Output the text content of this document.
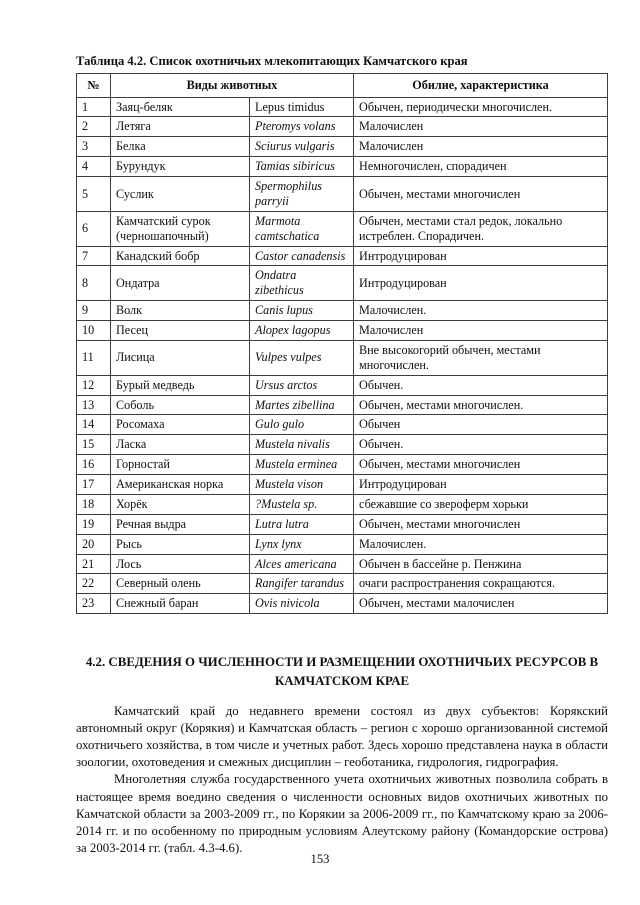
Таблица 4.2. Список охотничьих млекопитающих Камчатского края

№	Виды животных		Обилие, характеристика
1	Заяц-беляк	Lepus timidus	Обычен, периодически многочислен.
2	Летяга	Pteromys volans	Малочислен
3	Белка	Sciurus vulgaris	Малочислен
4	Бурундук	Tamias sibiricus	Немногочислен, спорадичен
5	Суслик	Spermophilus parryii	Обычен, местами многочислен
6	Камчатский сурок (черношапочный)	Marmota camtschatica	Обычен, местами стал редок, локально истреблен. Спорадичен.
7	Канадский бобр	Castor canadensis	Интродуцирован
8	Ондатра	Ondatra zibethicus	Интродуцирован
9	Волк	Canis lupus	Малочислен.
10	Песец	Alopex lagopus	Малочислен
11	Лисица	Vulpes vulpes	Вне высокогорий обычен, местами многочислен.
12	Бурый медведь	Ursus arctos	Обычен.
13	Соболь	Martes zibellina	Обычен, местами многочислен.
14	Росомаха	Gulo gulo	Обычен
15	Ласка	Mustela nivalis	Обычен.
16	Горностай	Mustela erminea	Обычен, местами многочислен
17	Американская норка	Mustela vison	Интродуцирован
18	Хорёк	?Mustela sp.	сбежавшие со звероферм хорьки
19	Речная выдра	Lutra lutra	Обычен, местами многочислен
20	Рысь	Lynx lynx	Малочислен.
21	Лось	Alces americana	Обычен в бассейне р. Пенжина
22	Северный олень	Rangifer tarandus	очаги распространения сокращаются.
23	Снежный баран	Ovis nivicola	Обычен, местами малочислен
4.2. СВЕДЕНИЯ О ЧИСЛЕННОСТИ И РАЗМЕЩЕНИИ ОХОТНИЧЬИХ РЕСУРСОВ В КАМЧАТСКОМ КРАЕ

Камчатский край до недавнего времени состоял из двух субъектов: Корякский автономный округ (Корякия) и Камчатская область – регион с хорошо организованной системой охотничьего хозяйства, в том числе и учетных работ. Здесь хорошо представлена наука в области зоологии, охотоведения и смежных дисциплин – геоботаника, гидрология, гидрография.

Многолетняя служба государственного учета охотничьих животных позволила собрать в настоящее время воедино сведения о численности основных видов охотничьих животных по Камчатской области за 2003-2009 гг., по Корякии за 2006-2009 гг., по Камчатскому краю за 2006-2014 гг. и по особенному по природным условиям Алеутскому району (Командорские острова) за 2003-2014 гг. (табл. 4.3-4.6).

153
